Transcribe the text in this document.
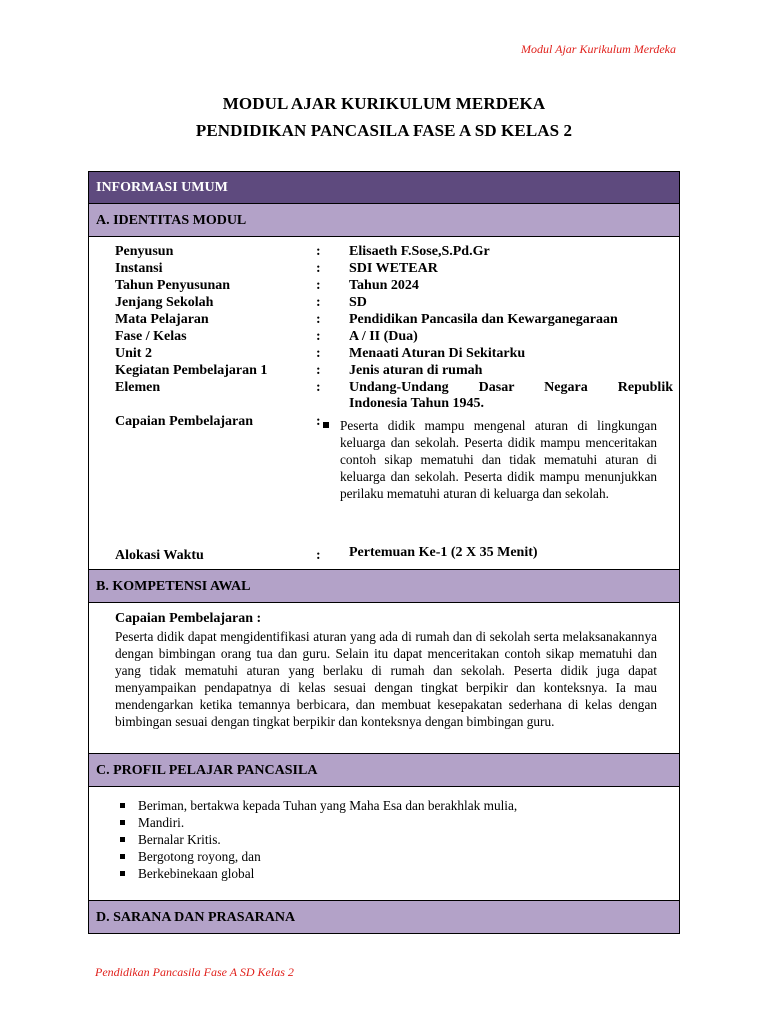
Modul Ajar Kurikulum Merdeka
MODUL AJAR KURIKULUM MERDEKA
PENDIDIKAN PANCASILA FASE A SD KELAS 2
INFORMASI UMUM
A. IDENTITAS MODUL
Penyusun	: Elisaeth F.Sose,S.Pd.Gr
Instansi	: SDI WETEAR
Tahun Penyusunan	: Tahun 2024
Jenjang Sekolah	: SD
Mata Pelajaran	: Pendidikan Pancasila dan Kewarganegaraan
Fase / Kelas	: A / II (Dua)
Unit 2	: Menaati Aturan Di Sekitarku
Kegiatan Pembelajaran 1	: Jenis aturan di rumah
Elemen	: Undang-Undang Dasar Negara Republik
Indonesia Tahun 1945.
Capaian Pembelajaran	: Peserta didik mampu mengenal aturan di lingkungan keluarga dan sekolah. Peserta didik mampu menceritakan contoh sikap mematuhi dan tidak mematuhi aturan di keluarga dan sekolah. Peserta didik mampu menunjukkan perilaku mematuhi aturan di keluarga dan sekolah.
Alokasi Waktu	: Pertemuan Ke-1 (2 X 35 Menit)
B. KOMPETENSI AWAL
Capaian Pembelajaran :
Peserta didik dapat mengidentifikasi aturan yang ada di rumah dan di sekolah serta melaksanakannya dengan bimbingan orang tua dan guru. Selain itu dapat menceritakan contoh sikap mematuhi dan yang tidak mematuhi aturan yang berlaku di rumah dan sekolah. Peserta didik juga dapat menyampaikan pendapatnya di kelas sesuai dengan tingkat berpikir dan konteksnya. Ia mau mendengarkan ketika temannya berbicara, dan membuat kesepakatan sederhana di kelas dengan bimbingan sesuai dengan tingkat berpikir dan konteksnya dengan bimbingan guru.
C. PROFIL PELAJAR PANCASILA
Beriman, bertakwa kepada Tuhan yang Maha Esa dan berakhlak mulia,
Mandiri.
Bernalar Kritis.
Bergotong royong, dan
Berkebinekaan global
D. SARANA DAN PRASARANA
Pendidikan Pancasila Fase A SD Kelas 2
